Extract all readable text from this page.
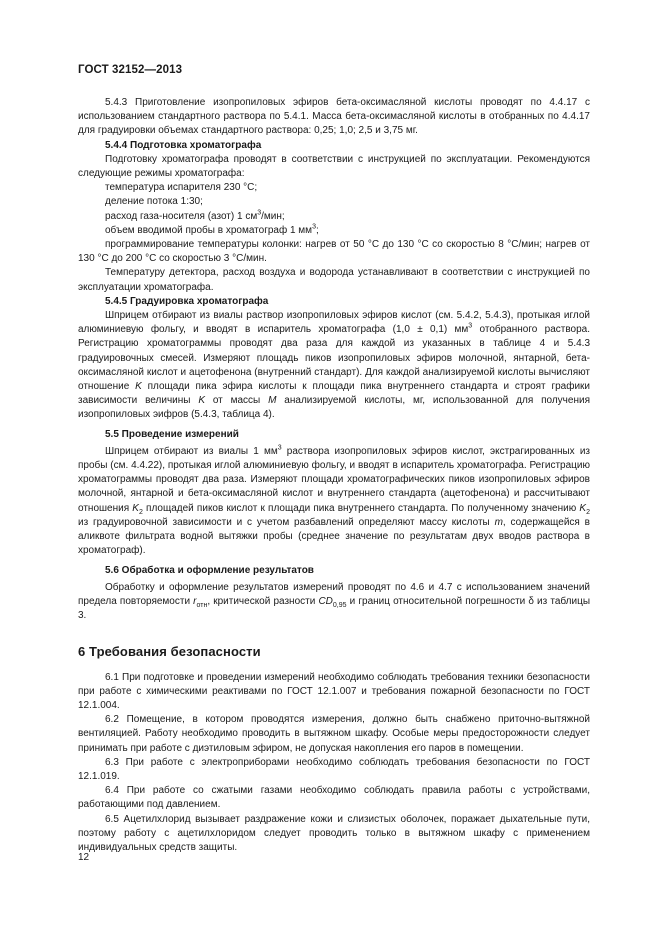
ГОСТ 32152—2013

5.4.3 Приготовление изопропиловых эфиров бета-оксимасляной кислоты проводят по 4.4.17 с использованием стандартного раствора по 5.4.1. Масса бета-оксимасляной кислоты в отобранных по 4.4.17 для градуировки объемах стандартного раствора: 0,25; 1,0; 2,5 и 3,75 мг.

5.4.4 Подготовка хроматографа

Подготовку хроматографа проводят в соответствии с инструкцией по эксплуатации. Рекомендуются следующие режимы хроматографа:

температура испарителя 230 °С;

деление потока 1:30;

расход газа-носителя (азот) 1 $см^3$/мин;

объем вводимой пробы в хроматограф 1 $мм^3$;

программирование температуры колонки: нагрев от 50 °С до 130 °С со скоростью 8 °С/мин; нагрев от 130 °С до 200 °С со скоростью 3 °С/мин.

Температуру детектора, расход воздуха и водорода устанавливают в соответствии с инструкцией по эксплуатации хроматографа.

5.4.5 Градуировка хроматографа

Шприцем отбирают из виалы раствор изопропиловых эфиров кислот (см. 5.4.2, 5.4.3), протыкая иглой алюминиевую фольгу, и вводят в испаритель хроматографа (1,0 ± 0,1) $мм^3$ отобранного раствора. Регистрацию хроматограммы проводят два раза для каждой из указанных в таблице 4 и 5.4.3 градуировочных смесей. Измеряют площадь пиков изопропиловых эфиров молочной, янтарной, бета-оксимасляной кислот и ацетофенона (внутренний стандарт). Для каждой анализируемой кислоты вычисляют отношение K площади пика эфира кислоты к площади пика внутреннего стандарта и строят графики зависимости величины K от массы M анализируемой кислоты, мг, использованной для получения изопропиловых эифров (5.4.3, таблица 4).

5.5 Проведение измерений

Шприцем отбирают из виалы 1 $мм^3$ раствора изопропиловых эфиров кислот, экстрагированных из пробы (см. 4.4.22), протыкая иглой алюминиевую фольгу, и вводят в испаритель хроматографа. Регистрацию хроматограммы проводят два раза. Измеряют площади хроматографических пиков изопропиловых эфиров молочной, янтарной и бета-оксимасляной кислот и внутреннего стандарта (ацетофенона) и рассчитывают отношения $K_2$ площадей пиков кислот к площади пика внутреннего стандарта. По полученному значению $K_2$ из градуировочной зависимости и с учетом разбавлений определяют массу кислоты m, содержащейся в аликвоте фильтрата водной вытяжки пробы (среднее значение по результатам двух вводов раствора в хроматограф).

5.6 Обработка и оформление результатов

Обработку и оформление результатов измерений проводят по 4.6 и 4.7 с использованием значений предела повторяемости $r_{отн}$, критической разности $CD_{0,95}$ и границ относительной погрешности δ из таблицы 3.

6 Требования безопасности

6.1 При подготовке и проведении измерений необходимо соблюдать требования техники безопасности при работе с химическими реактивами по ГОСТ 12.1.007 и требования пожарной безопасности по ГОСТ 12.1.004.

6.2 Помещение, в котором проводятся измерения, должно быть снабжено приточно-вытяжной вентиляцией. Работу необходимо проводить в вытяжном шкафу. Особые меры предосторожности следует принимать при работе с диэтиловым эфиром, не допуская накопления его паров в помещении.

6.3 При работе с электроприборами необходимо соблюдать требования безопасности по ГОСТ 12.1.019.

6.4 При работе со сжатыми газами необходимо соблюдать правила работы с устройствами, работающими под давлением.

6.5 Ацетилхлорид вызывает раздражение кожи и слизистых оболочек, поражает дыхательные пути, поэтому работу с ацетилхлоридом следует проводить только в вытяжном шкафу с применением индивидуальных средств защиты.

12
